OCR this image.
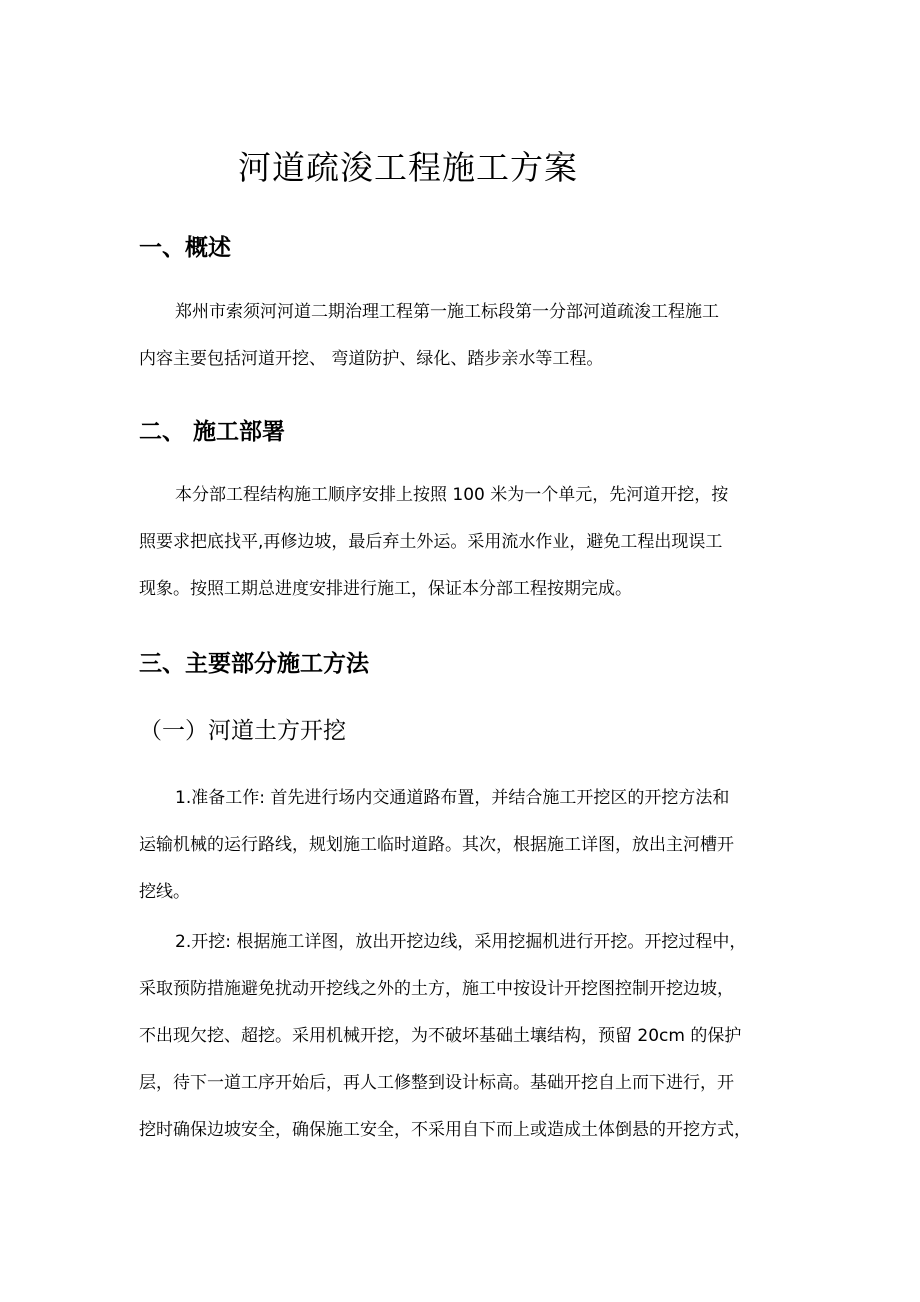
河道疏浚工程施工方案
一、概述
郑州市索须河河道二期治理工程第一施工标段第一分部河道疏浚工程施工
内容主要包括河道开挖、 弯道防护、绿化、踏步亲水等工程。
二、 施工部署
本分部工程结构施工顺序安排上按照 100 米为一个单元，先河道开挖，按
照要求把底找平,再修边坡，最后弃土外运。采用流水作业，避免工程出现误工
现象。按照工期总进度安排进行施工，保证本分部工程按期完成。
三、主要部分施工方法
（一）河道土方开挖
1.准备工作: 首先进行场内交通道路布置，并结合施工开挖区的开挖方法和
运输机械的运行路线，规划施工临时道路。其次，根据施工详图，放出主河槽开
挖线。
2.开挖: 根据施工详图，放出开挖边线，采用挖掘机进行开挖。开挖过程中，
采取预防措施避免扰动开挖线之外的土方，施工中按设计开挖图控制开挖边坡，
不出现欠挖、超挖。采用机械开挖，为不破坏基础土壤结构，预留 20cm 的保护
层，待下一道工序开始后，再人工修整到设计标高。基础开挖自上而下进行，开
挖时确保边坡安全，确保施工安全，不采用自下而上或造成土体倒悬的开挖方式，
